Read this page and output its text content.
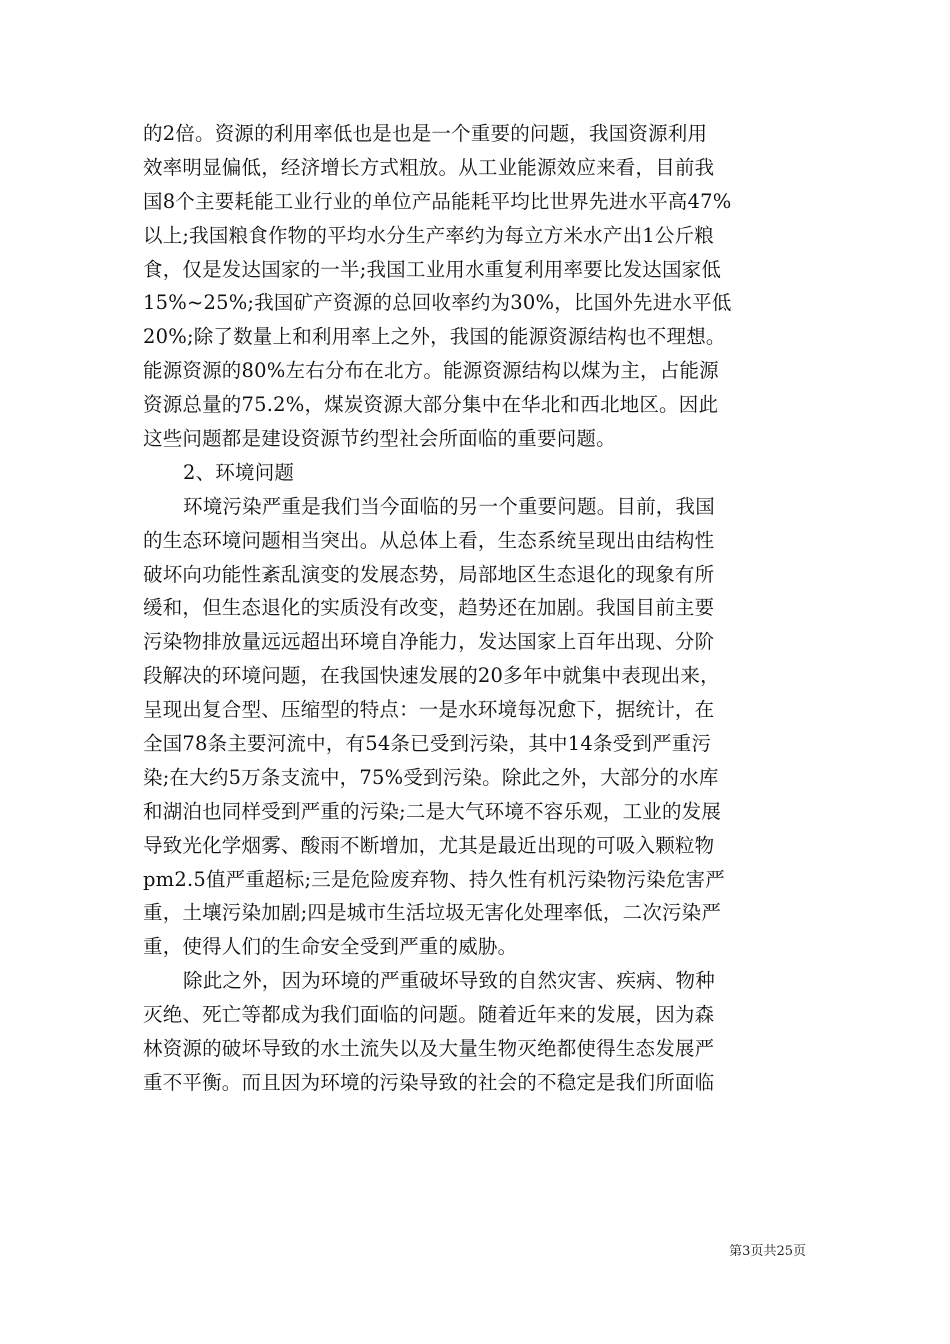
的2倍。资源的利用率低也是也是一个重要的问题，我国资源利用
效率明显偏低，经济增长方式粗放。从工业能源效应来看，目前我
国8个主要耗能工业行业的单位产品能耗平均比世界先进水平高47%
以上;我国粮食作物的平均水分生产率约为每立方米水产出1公斤粮
食，仅是发达国家的一半;我国工业用水重复利用率要比发达国家低
15%~25%;我国矿产资源的总回收率约为30%，比国外先进水平低
20%;除了数量上和利用率上之外，我国的能源资源结构也不理想。
能源资源的80%左右分布在北方。能源资源结构以煤为主，占能源
资源总量的75.2%，煤炭资源大部分集中在华北和西北地区。因此
这些问题都是建设资源节约型社会所面临的重要问题。
2、环境问题
环境污染严重是我们当今面临的另一个重要问题。目前，我国
的生态环境问题相当突出。从总体上看，生态系统呈现出由结构性
破坏向功能性紊乱演变的发展态势，局部地区生态退化的现象有所
缓和，但生态退化的实质没有改变，趋势还在加剧。我国目前主要
污染物排放量远远超出环境自净能力，发达国家上百年出现、分阶
段解决的环境问题，在我国快速发展的20多年中就集中表现出来，
呈现出复合型、压缩型的特点：一是水环境每况愈下，据统计，在
全国78条主要河流中，有54条已受到污染，其中14条受到严重污
染;在大约5万条支流中，75%受到污染。除此之外，大部分的水库
和湖泊也同样受到严重的污染;二是大气环境不容乐观，工业的发展
导致光化学烟雾、酸雨不断增加，尤其是最近出现的可吸入颗粒物
pm2.5值严重超标;三是危险废弃物、持久性有机污染物污染危害严
重，土壤污染加剧;四是城市生活垃圾无害化处理率低，二次污染严
重，使得人们的生命安全受到严重的威胁。
除此之外，因为环境的严重破坏导致的自然灾害、疾病、物种
灭绝、死亡等都成为我们面临的问题。随着近年来的发展，因为森
林资源的破坏导致的水土流失以及大量生物灭绝都使得生态发展严
重不平衡。而且因为环境的污染导致的社会的不稳定是我们所面临
第3页共25页
